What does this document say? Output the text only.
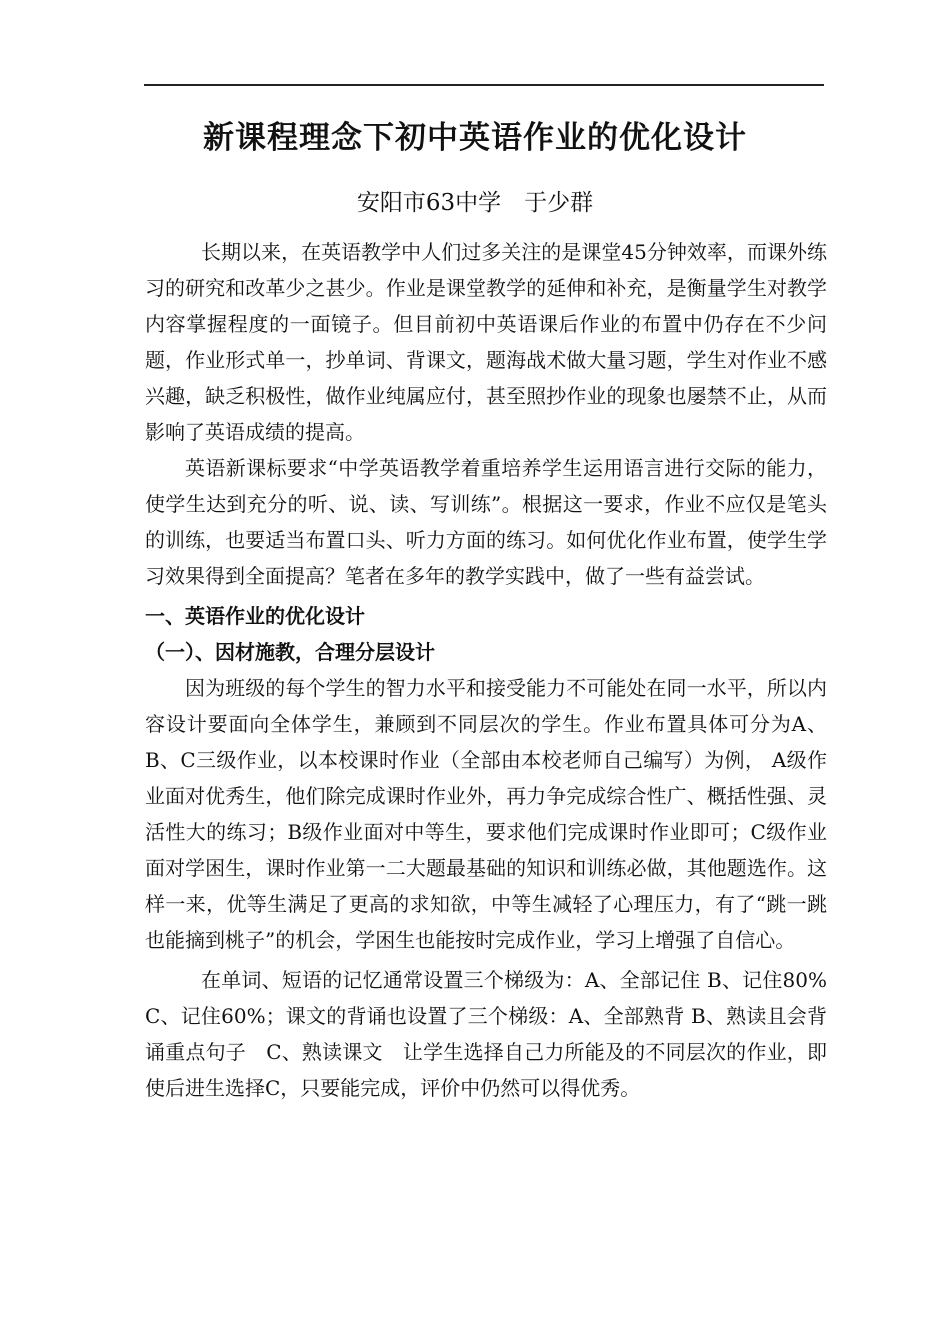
新课程理念下初中英语作业的优化设计
安阳市63中学　于少群

长期以来，在英语教学中人们过多关注的是课堂45分钟效率，而课外练习的研究和改革少之甚少。作业是课堂教学的延伸和补充，是衡量学生对教学内容掌握程度的一面镜子。但目前初中英语课后作业的布置中仍存在不少问题，作业形式单一，抄单词、背课文，题海战术做大量习题，学生对作业不感兴趣，缺乏积极性，做作业纯属应付，甚至照抄作业的现象也屡禁不止，从而影响了英语成绩的提高。

英语新课标要求“中学英语教学着重培养学生运用语言进行交际的能力，使学生达到充分的听、说、读、写训练”。根据这一要求，作业不应仅是笔头的训练，也要适当布置口头、听力方面的练习。如何优化作业布置，使学生学习效果得到全面提高？笔者在多年的教学实践中，做了一些有益尝试。

一、英语作业的优化设计

（一）、因材施教，合理分层设计

因为班级的每个学生的智力水平和接受能力不可能处在同一水平，所以内容设计要面向全体学生，兼顾到不同层次的学生。作业布置具体可分为A、B、C三级作业，以本校课时作业（全部由本校老师自己编写）为例， A级作业面对优秀生，他们除完成课时作业外，再力争完成综合性广、概括性强、灵活性大的练习；B级作业面对中等生，要求他们完成课时作业即可；C级作业面对学困生，课时作业第一二大题最基础的知识和训练必做，其他题选作。这样一来，优等生满足了更高的求知欲，中等生减轻了心理压力，有了“跳一跳也能摘到桃子”的机会，学困生也能按时完成作业，学习上增强了自信心。

在单词、短语的记忆通常设置三个梯级为：A、全部记住 B、记住80%　C、记住60%；课文的背诵也设置了三个梯级：A、全部熟背 B、熟读且会背诵重点句子　C、熟读课文　让学生选择自己力所能及的不同层次的作业，即使后进生选择C，只要能完成，评价中仍然可以得优秀。
